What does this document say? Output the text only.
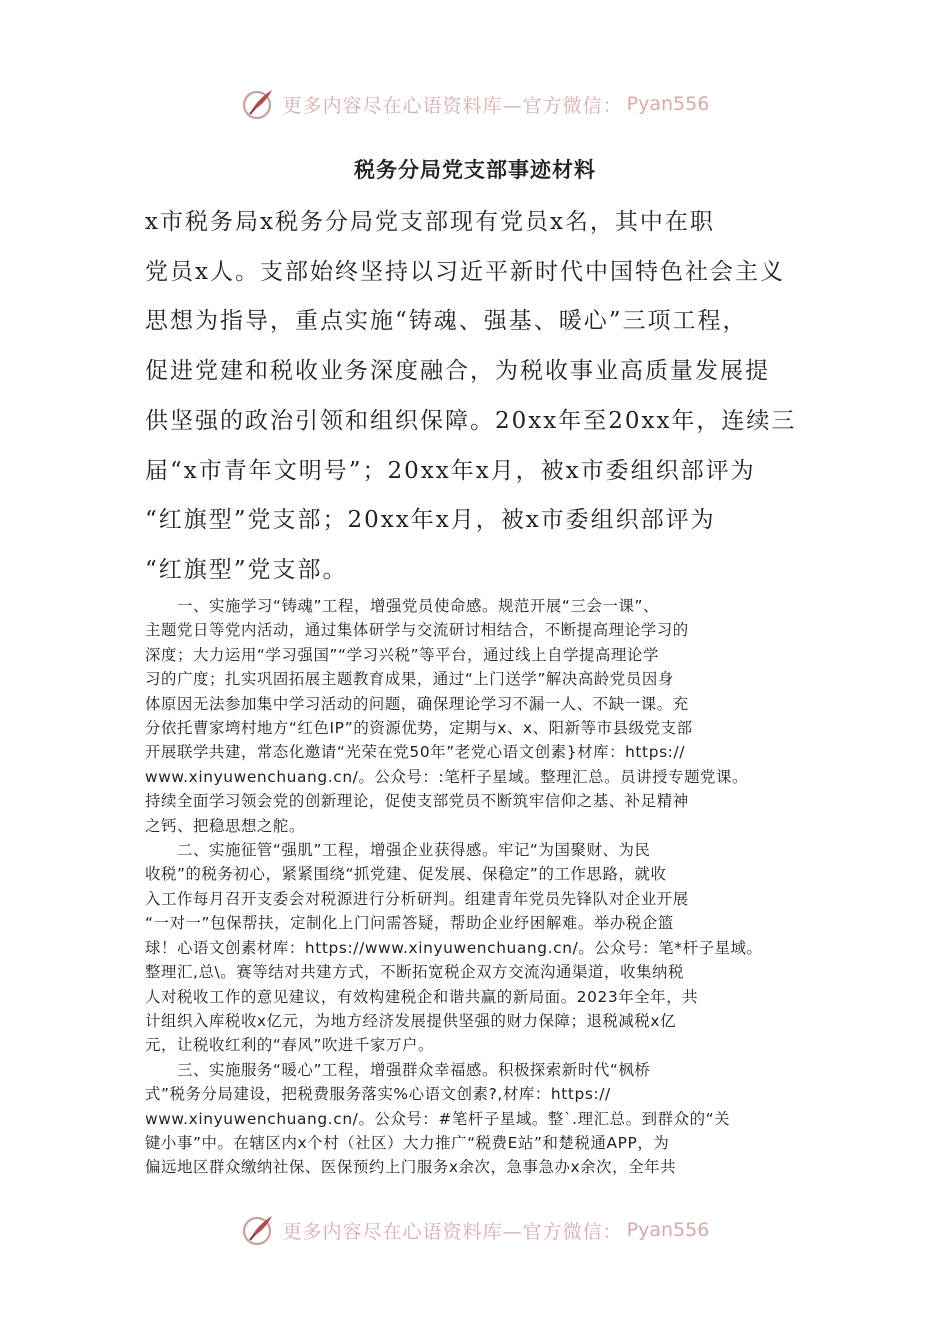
更多内容尽在心语资料库—官方微信： Pyan556
税务分局党支部事迹材料
x市税务局x税务分局党支部现有党员x名，其中在职
党员x人。支部始终坚持以习近平新时代中国特色社会主义
思想为指导，重点实施“铸魂、强基、暖心”三项工程，
促进党建和税收业务深度融合，为税收事业高质量发展提
供坚强的政治引领和组织保障。20xx年至20xx年，连续三
届“x市青年文明号”；20xx年x月，被x市委组织部评为
“红旗型”党支部；20xx年x月，被x市委组织部评为
“红旗型”党支部。
　　一、实施学习“铸魂”工程，增强党员使命感。规范开展“三会一课”、
主题党日等党内活动，通过集体研学与交流研讨相结合，不断提高理论学习的
深度；大力运用“学习强国”“学习兴税”等平台，通过线上自学提高理论学
习的广度；扎实巩固拓展主题教育成果，通过“上门送学”解决高龄党员因身
体原因无法参加集中学习活动的问题，确保理论学习不漏一人、不缺一课。充
分依托曹家塆村地方“红色IP”的资源优势，定期与x、x、阳新等市县级党支部
开展联学共建，常态化邀请“光荣在党50年”老党心语文创素}材库：https://
www.xinyuwenchuang.cn/。公众号：:笔杆子星域。整理汇总。员讲授专题党课。
持续全面学习领会党的创新理论，促使支部党员不断筑牢信仰之基、补足精神
之钙、把稳思想之舵。
　　二、实施征管“强肌”工程，增强企业获得感。牢记“为国聚财、为民
收税”的税务初心，紧紧围绕“抓党建、促发展、保稳定”的工作思路，就收
入工作每月召开支委会对税源进行分析研判。组建青年党员先锋队对企业开展
“一对一”包保帮扶，定制化上门问需答疑，帮助企业纾困解难。举办税企篮
球！心语文创素材库：https://www.xinyuwenchuang.cn/。公众号：笔*杆子星域。
整理汇,总\。赛等结对共建方式，不断拓宽税企双方交流沟通渠道，收集纳税
人对税收工作的意见建议，有效构建税企和谐共赢的新局面。2023年全年，共
计组织入库税收x亿元，为地方经济发展提供坚强的财力保障；退税减税x亿
元，让税收红利的“春风”吹进千家万户。
　　三、实施服务“暖心”工程，增强群众幸福感。积极探索新时代“枫桥
式”税务分局建设，把税费服务落实%心语文创素?,材库：https://
www.xinyuwenchuang.cn/。公众号：#笔杆子星域。整`.理汇总。到群众的“关
键小事”中。在辖区内x个村（社区）大力推广“税费E站”和楚税通APP，为
偏远地区群众缴纳社保、医保预约上门服务x余次，急事急办x余次，全年共
更多内容尽在心语资料库—官方微信： Pyan556
